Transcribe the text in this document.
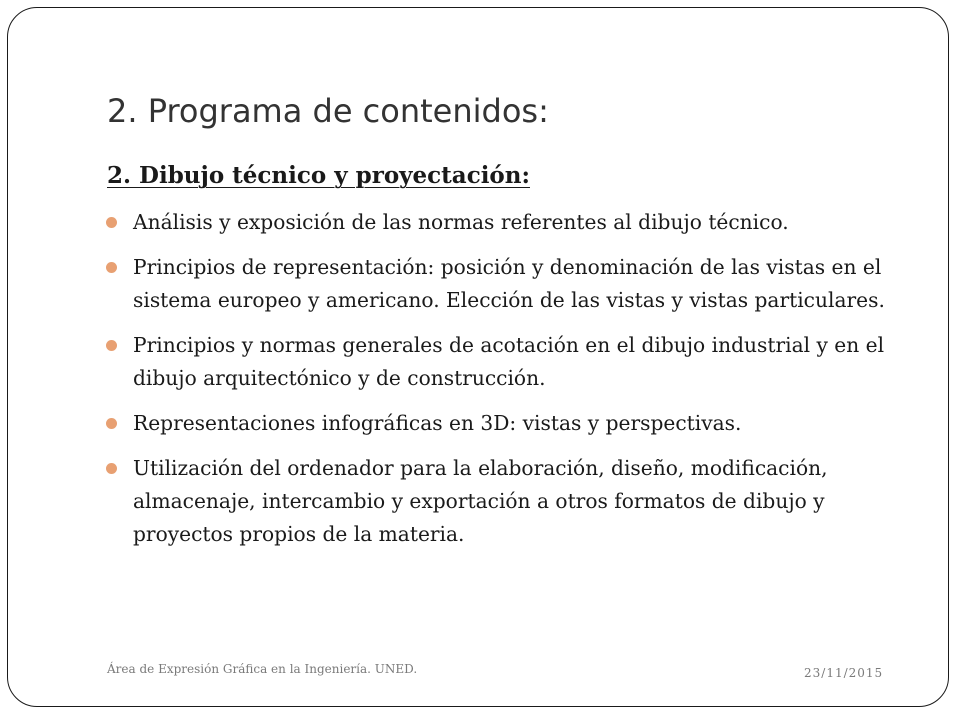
2. Programa de contenidos:
2. Dibujo técnico y proyectación:
Análisis y exposición de las normas referentes al dibujo técnico.
Principios de representación: posición y denominación de las vistas en el sistema europeo y americano. Elección de las vistas y vistas particulares.
Principios y normas generales de acotación en el dibujo industrial y en el dibujo arquitectónico y de construcción.
Representaciones infográficas en 3D: vistas y perspectivas.
Utilización del ordenador para la elaboración, diseño, modificación, almacenaje, intercambio y exportación a otros formatos de dibujo y proyectos propios de la materia.
Área de Expresión Gráfica en la Ingeniería. UNED.	23/11/2015
